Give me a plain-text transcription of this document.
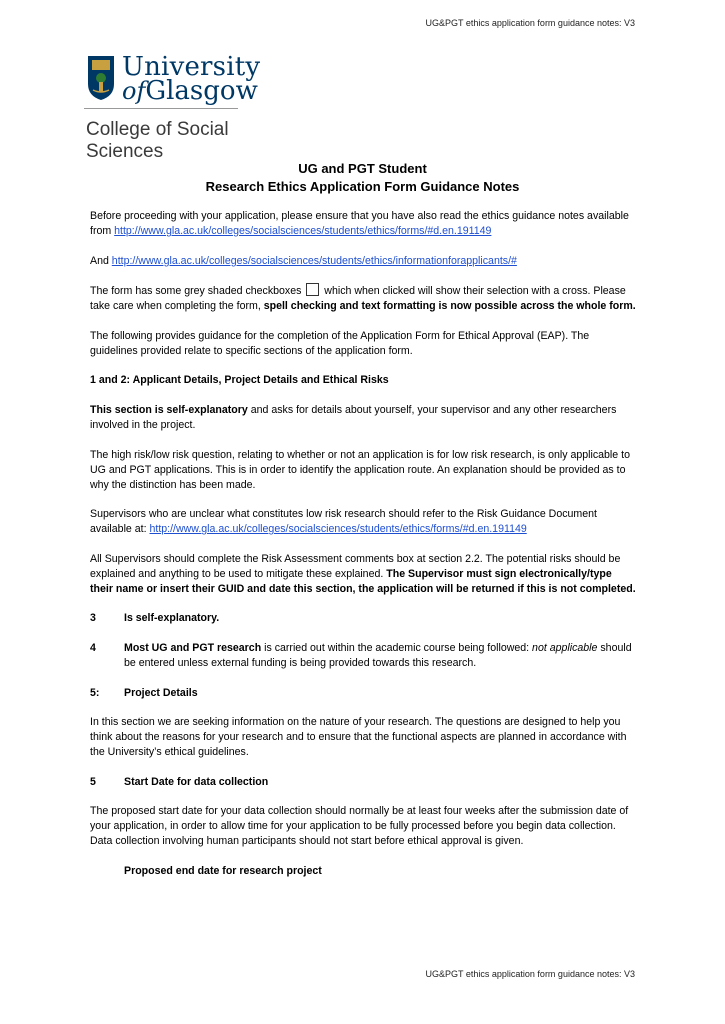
UG&PGT ethics application form guidance notes: V3
University
ofGlasgow
College of Social
Sciences
UG and PGT Student
Research Ethics Application Form Guidance Notes

Before proceeding with your application, please ensure that you have also read the ethics guidance notes available from http://www.gla.ac.uk/colleges/socialsciences/students/ethics/forms/#d.en.191149

And http://www.gla.ac.uk/colleges/socialsciences/students/ethics/informationforapplicants/#

The form has some grey shaded checkboxes  which when clicked will show their selection with a cross. Please take care when completing the form, spell checking and text formatting is now possible across the whole form.

The following provides guidance for the completion of the Application Form for Ethical Approval (EAP). The guidelines provided relate to specific sections of the application form.

1 and 2: Applicant Details, Project Details and Ethical Risks

This section is self-explanatory and asks for details about yourself, your supervisor and any other researchers involved in the project.

The high risk/low risk question, relating to whether or not an application is for low risk research, is only applicable to UG and PGT applications. This is in order to identify the application route. An explanation should be provided as to why the distinction has been made.

Supervisors who are unclear what constitutes low risk research should refer to the Risk Guidance Document available at: http://www.gla.ac.uk/colleges/socialsciences/students/ethics/forms/#d.en.191149

All Supervisors should complete the Risk Assessment comments box at section 2.2. The potential risks should be explained and anything to be used to mitigate these explained. The Supervisor must sign electronically/type their name or insert their GUID and date this section, the application will be returned if this is not completed.

3	Is self-explanatory.
4	Most UG and PGT research is carried out within the academic course being followed: not applicable should be entered unless external funding is being provided towards this research.
5:	Project Details

In this section we are seeking information on the nature of your research. The questions are designed to help you think about the reasons for your research and to ensure that the functional aspects are planned in accordance with the University’s ethical guidelines.

5	Start Date for data collection

The proposed start date for your data collection should normally be at least four weeks after the submission date of your application, in order to allow time for your application to be fully processed before you begin data collection. Data collection involving human participants should not start before ethical approval is given.

Proposed end date for research project
UG&PGT ethics application form guidance notes: V3
